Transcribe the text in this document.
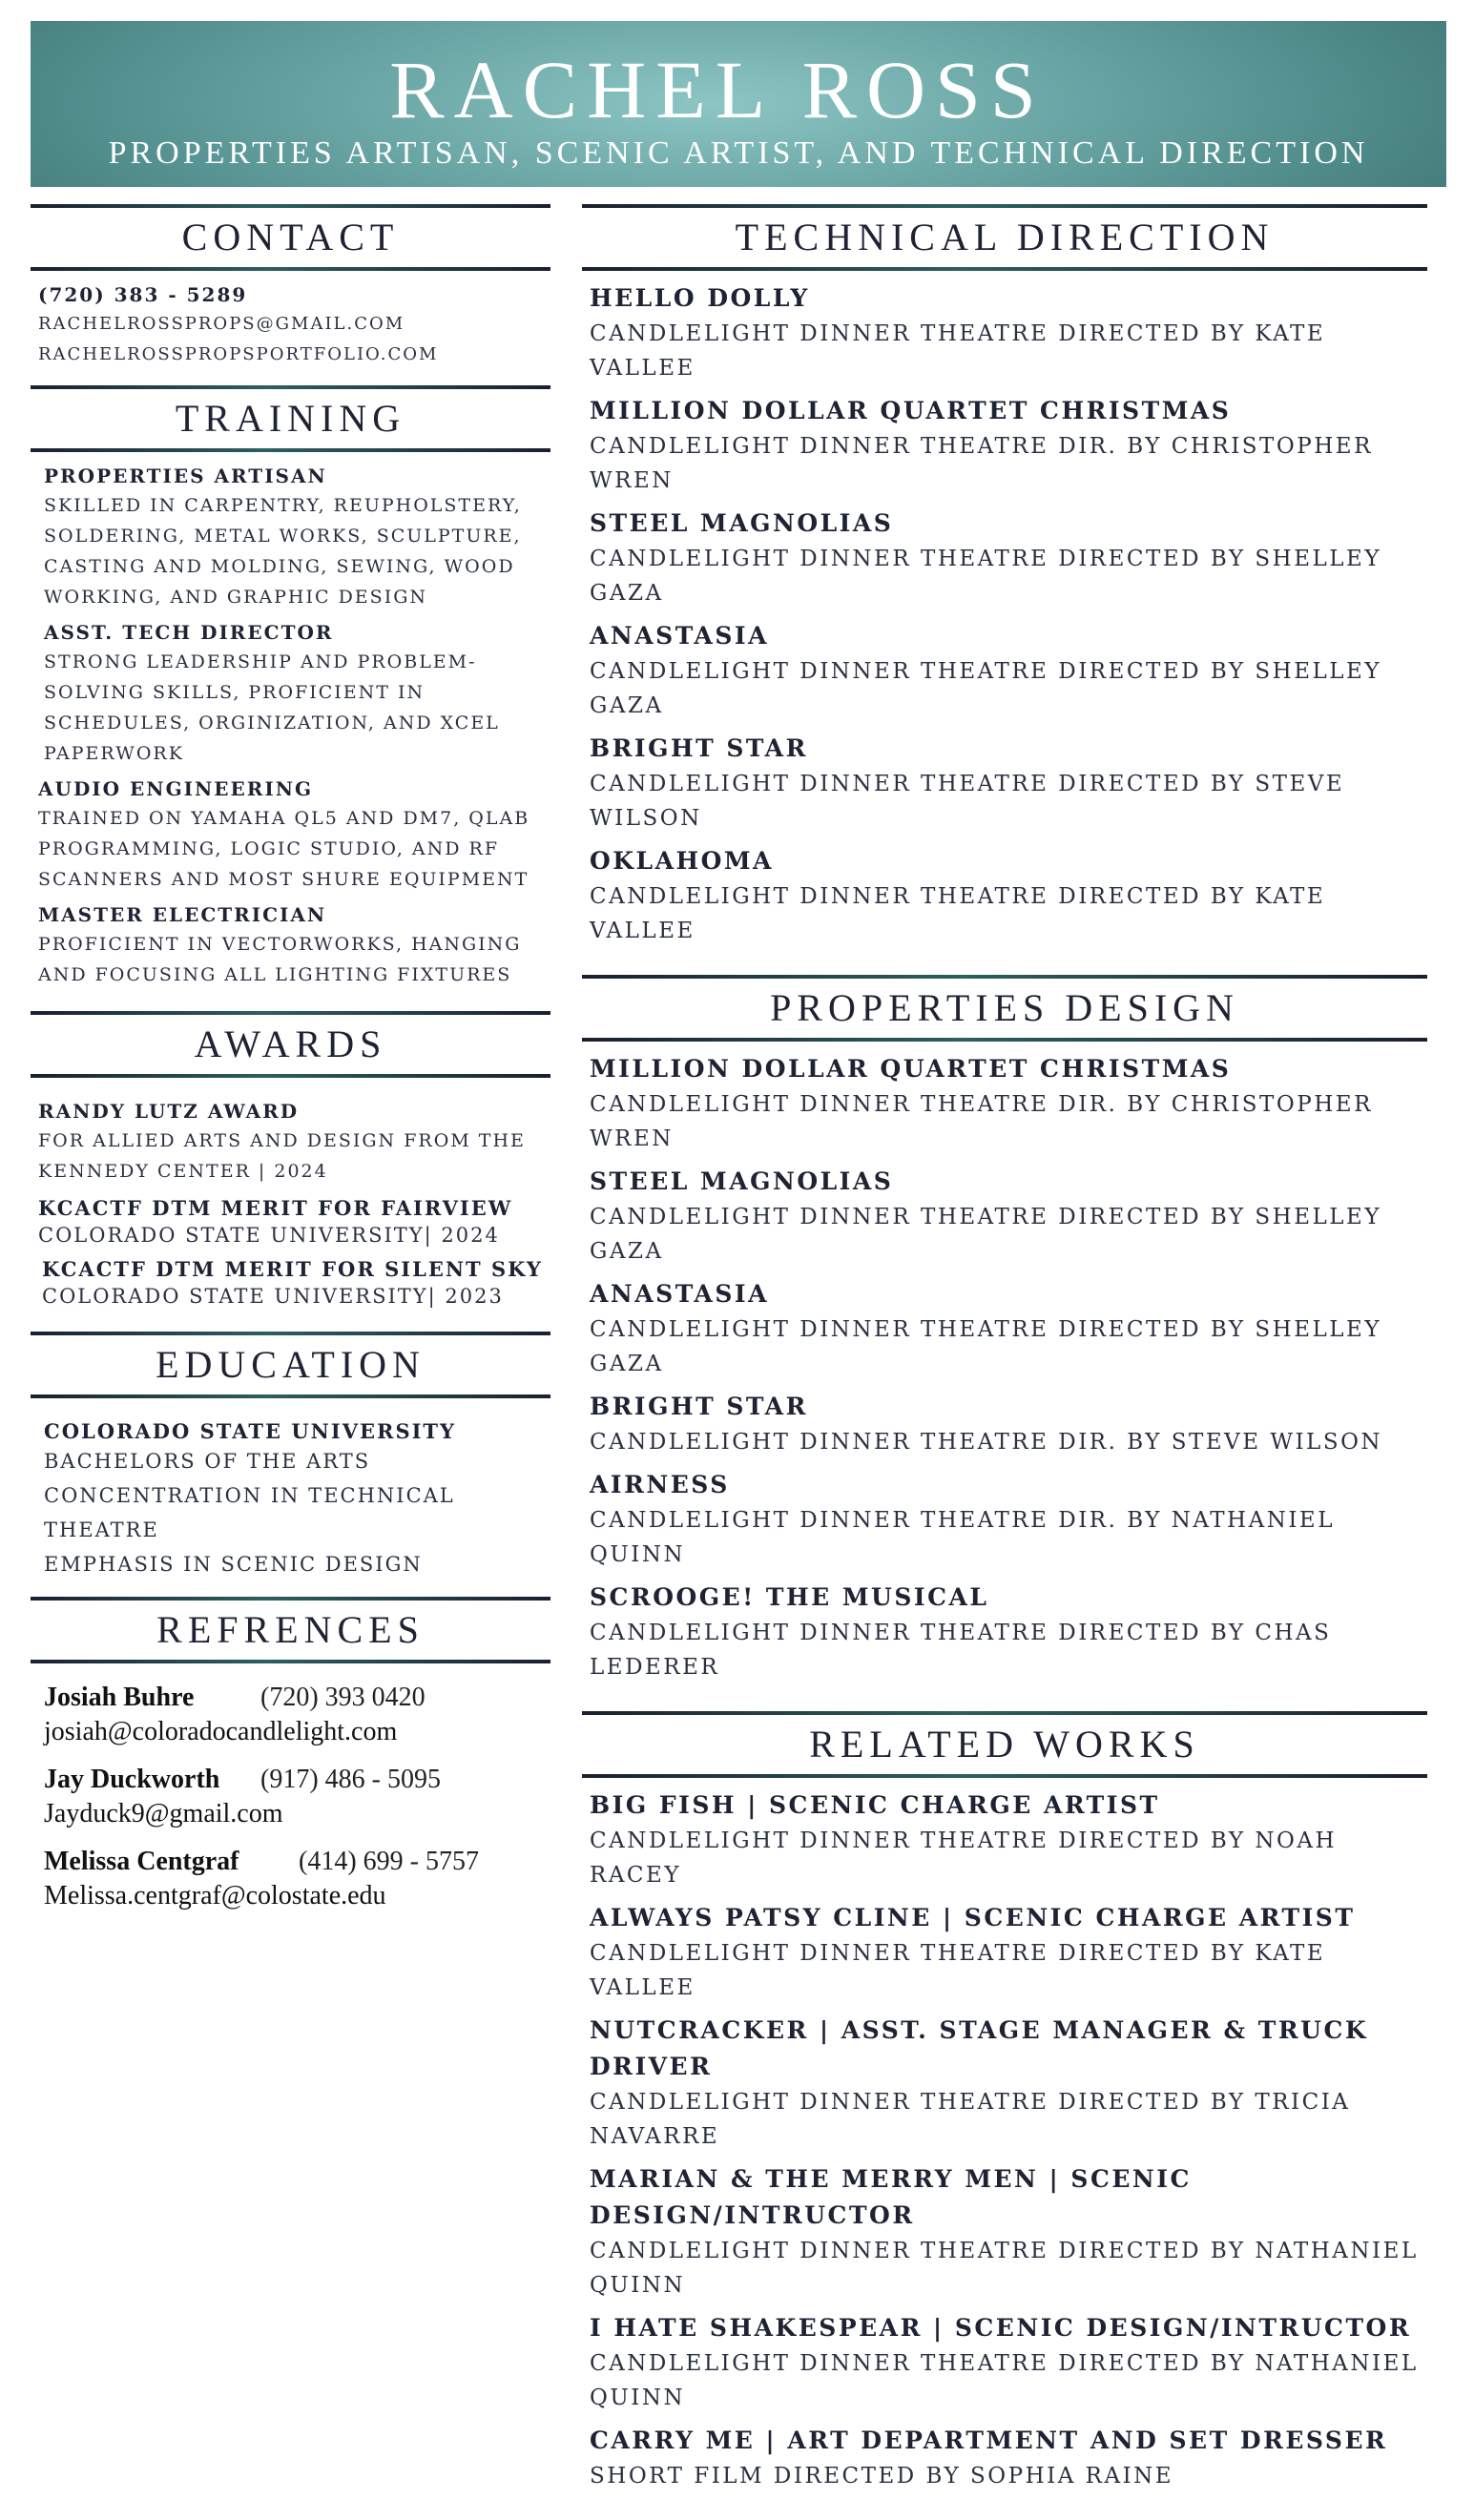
RACHEL ROSS
PROPERTIES ARTISAN, SCENIC ARTIST, AND TECHNICAL DIRECTION
CONTACT
(720) 383 - 5289
RACHELROSSPROPS@GMAIL.COM
RACHELROSSPROPSPORTFOLIO.COM
TRAINING
PROPERTIES ARTISAN
SKILLED IN CARPENTRY, REUPHOLSTERY,
SOLDERING, METAL WORKS, SCULPTURE,
CASTING AND MOLDING, SEWING, WOOD
WORKING, AND GRAPHIC DESIGN
ASST. TECH DIRECTOR
STRONG LEADERSHIP AND PROBLEM-
SOLVING SKILLS, PROFICIENT IN
SCHEDULES, ORGINIZATION, AND XCEL
PAPERWORK
AUDIO ENGINEERING
TRAINED ON YAMAHA QL5 AND DM7, QLAB
PROGRAMMING, LOGIC STUDIO, AND RF
SCANNERS AND MOST SHURE EQUIPMENT
MASTER ELECTRICIAN
PROFICIENT IN VECTORWORKS, HANGING
AND FOCUSING ALL LIGHTING FIXTURES
AWARDS
RANDY LUTZ AWARD
FOR ALLIED ARTS AND DESIGN FROM THE
KENNEDY CENTER | 2024
KCACTF DTM MERIT FOR FAIRVIEW
COLORADO STATE UNIVERSITY| 2024
KCACTF DTM MERIT FOR SILENT SKY
COLORADO STATE UNIVERSITY| 2023
EDUCATION
COLORADO STATE UNIVERSITY
BACHELORS OF THE ARTS
CONCENTRATION IN TECHNICAL THEATRE
EMPHASIS IN SCENIC DESIGN
REFRENCES
Josiah Buhre (720) 393 0420
josiah@coloradocandlelight.com
Jay Duckworth (917) 486 - 5095
Jayduck9@gmail.com
Melissa Centgraf (414) 699 - 5757
Melissa.centgraf@colostate.edu
TECHNICAL DIRECTION
HELLO DOLLY
CANDLELIGHT DINNER THEATRE DIRECTED BY KATE VALLEE
MILLION DOLLAR QUARTET CHRISTMAS
CANDLELIGHT DINNER THEATRE DIR. BY CHRISTOPHER WREN
STEEL MAGNOLIAS
CANDLELIGHT DINNER THEATRE DIRECTED BY SHELLEY GAZA
ANASTASIA
CANDLELIGHT DINNER THEATRE DIRECTED BY SHELLEY GAZA
BRIGHT STAR
CANDLELIGHT DINNER THEATRE DIRECTED BY STEVE WILSON
OKLAHOMA
CANDLELIGHT DINNER THEATRE DIRECTED BY KATE VALLEE
PROPERTIES DESIGN
MILLION DOLLAR QUARTET CHRISTMAS
CANDLELIGHT DINNER THEATRE DIR. BY CHRISTOPHER WREN
STEEL MAGNOLIAS
CANDLELIGHT DINNER THEATRE DIRECTED BY SHELLEY GAZA
ANASTASIA
CANDLELIGHT DINNER THEATRE DIRECTED BY SHELLEY GAZA
BRIGHT STAR
CANDLELIGHT DINNER THEATRE DIR. BY STEVE WILSON
AIRNESS
CANDLELIGHT DINNER THEATRE DIR. BY NATHANIEL QUINN
SCROOGE! THE MUSICAL
CANDLELIGHT DINNER THEATRE DIRECTED BY CHAS LEDERER
RELATED WORKS
BIG FISH | SCENIC CHARGE ARTIST
CANDLELIGHT DINNER THEATRE DIRECTED BY NOAH RACEY
ALWAYS PATSY CLINE | SCENIC CHARGE ARTIST
CANDLELIGHT DINNER THEATRE DIRECTED BY KATE VALLEE
NUTCRACKER | ASST. STAGE MANAGER & TRUCK DRIVER
CANDLELIGHT DINNER THEATRE DIRECTED BY TRICIA NAVARRE
MARIAN & THE MERRY MEN | SCENIC DESIGN/INTRUCTOR
CANDLELIGHT DINNER THEATRE DIRECTED BY NATHANIEL QUINN
I HATE SHAKESPEAR | SCENIC DESIGN/INTRUCTOR
CANDLELIGHT DINNER THEATRE DIRECTED BY NATHANIEL QUINN
CARRY ME | ART DEPARTMENT AND SET DRESSER
SHORT FILM DIRECTED BY SOPHIA RAINE
